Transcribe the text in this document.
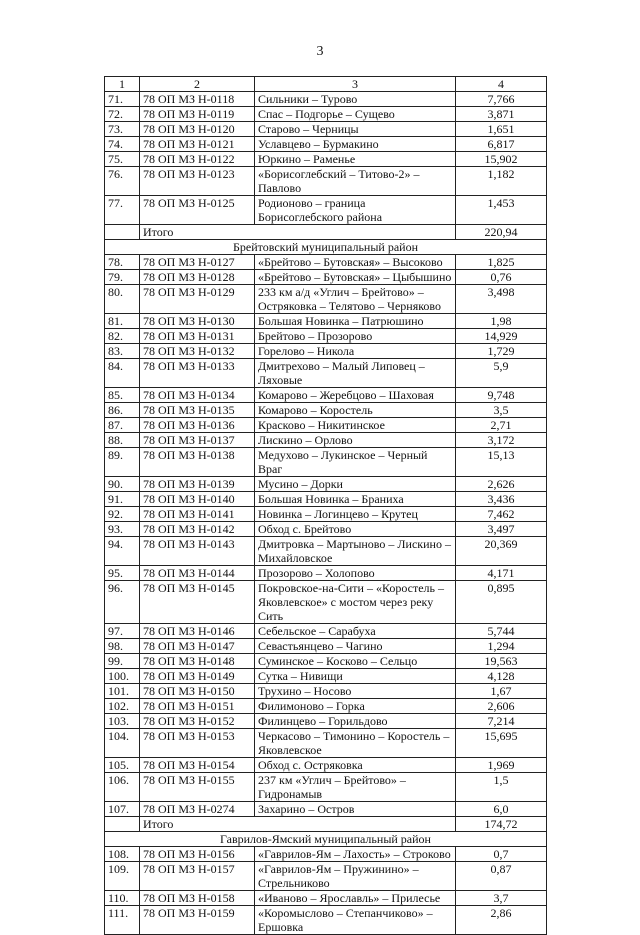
3
1	2	3	4
71.	78 ОП МЗ Н-0118	Сильники – Турово	7,766
72.	78 ОП МЗ Н-0119	Спас – Подгорье – Сущево	3,871
73.	78 ОП МЗ Н-0120	Старово – Черницы	1,651
74.	78 ОП МЗ Н-0121	Уславцево – Бурмакино	6,817
75.	78 ОП МЗ Н-0122	Юркино – Раменье	15,902
76.	78 ОП МЗ Н-0123	«Борисоглебский – Титово-2» – Павлово	1,182
77.	78 ОП МЗ Н-0125	Родионово – граница Борисоглебского района	1,453
	Итого		220,94
Брейтовский муниципальный район			
78.	78 ОП МЗ Н-0127	«Брейтово – Бутовская» – Высоково	1,825
79.	78 ОП МЗ Н-0128	«Брейтово – Бутовская» – Цыбышино	0,76
80.	78 ОП МЗ Н-0129	233 км а/д «Углич – Брейтово» – Остряковка – Телятово – Черняково	3,498
81.	78 ОП МЗ Н-0130	Большая Новинка – Патрюшино	1,98
82.	78 ОП МЗ Н-0131	Брейтово – Прозорово	14,929
83.	78 ОП МЗ Н-0132	Горелово – Никола	1,729
84.	78 ОП МЗ Н-0133	Дмитрехово – Малый Липовец – Ляховые	5,9
85.	78 ОП МЗ Н-0134	Комарово – Жеребцово – Шаховая	9,748
86.	78 ОП МЗ Н-0135	Комарово – Коростель	3,5
87.	78 ОП МЗ Н-0136	Красково – Никитинское	2,71
88.	78 ОП МЗ Н-0137	Лискино – Орлово	3,172
89.	78 ОП МЗ Н-0138	Медухово – Лукинское – Черный Враг	15,13
90.	78 ОП МЗ Н-0139	Мусино – Дорки	2,626
91.	78 ОП МЗ Н-0140	Большая Новинка – Браниха	3,436
92.	78 ОП МЗ Н-0141	Новинка – Логинцево – Крутец	7,462
93.	78 ОП МЗ Н-0142	Обход с. Брейтово	3,497
94.	78 ОП МЗ Н-0143	Дмитровка – Мартыново – Лискино – Михайловское	20,369
95.	78 ОП МЗ Н-0144	Прозорово – Холопово	4,171
96.	78 ОП МЗ Н-0145	Покровское-на-Сити – «Коростель – Яковлевское» с мостом через реку Сить	0,895
97.	78 ОП МЗ Н-0146	Себельское – Сарабуха	5,744
98.	78 ОП МЗ Н-0147	Севастьянцево – Чагино	1,294
99.	78 ОП МЗ Н-0148	Суминское – Косково – Сельцо	19,563
100.	78 ОП МЗ Н-0149	Сутка – Нивищи	4,128
101.	78 ОП МЗ Н-0150	Трухино – Носово	1,67
102.	78 ОП МЗ Н-0151	Филимоново – Горка	2,606
103.	78 ОП МЗ Н-0152	Филинцево – Горильдово	7,214
104.	78 ОП МЗ Н-0153	Черкасово – Тимонино – Коростель – Яковлевское	15,695
105.	78 ОП МЗ Н-0154	Обход с. Остряковка	1,969
106.	78 ОП МЗ Н-0155	237 км «Углич – Брейтово» – Гидронамыв	1,5
107.	78 ОП МЗ Н-0274	Захарино – Остров	6,0
	Итого		174,72
Гаврилов-Ямский муниципальный район			
108.	78 ОП МЗ Н-0156	«Гаврилов-Ям – Лахость» – Строково	0,7
109.	78 ОП МЗ Н-0157	«Гаврилов-Ям – Пружинино» – Стрельниково	0,87
110.	78 ОП МЗ Н-0158	«Иваново – Ярославль» – Прилесье	3,7
111.	78 ОП МЗ Н-0159	«Коромыслово – Степанчиково» – Ершовка	2,86
